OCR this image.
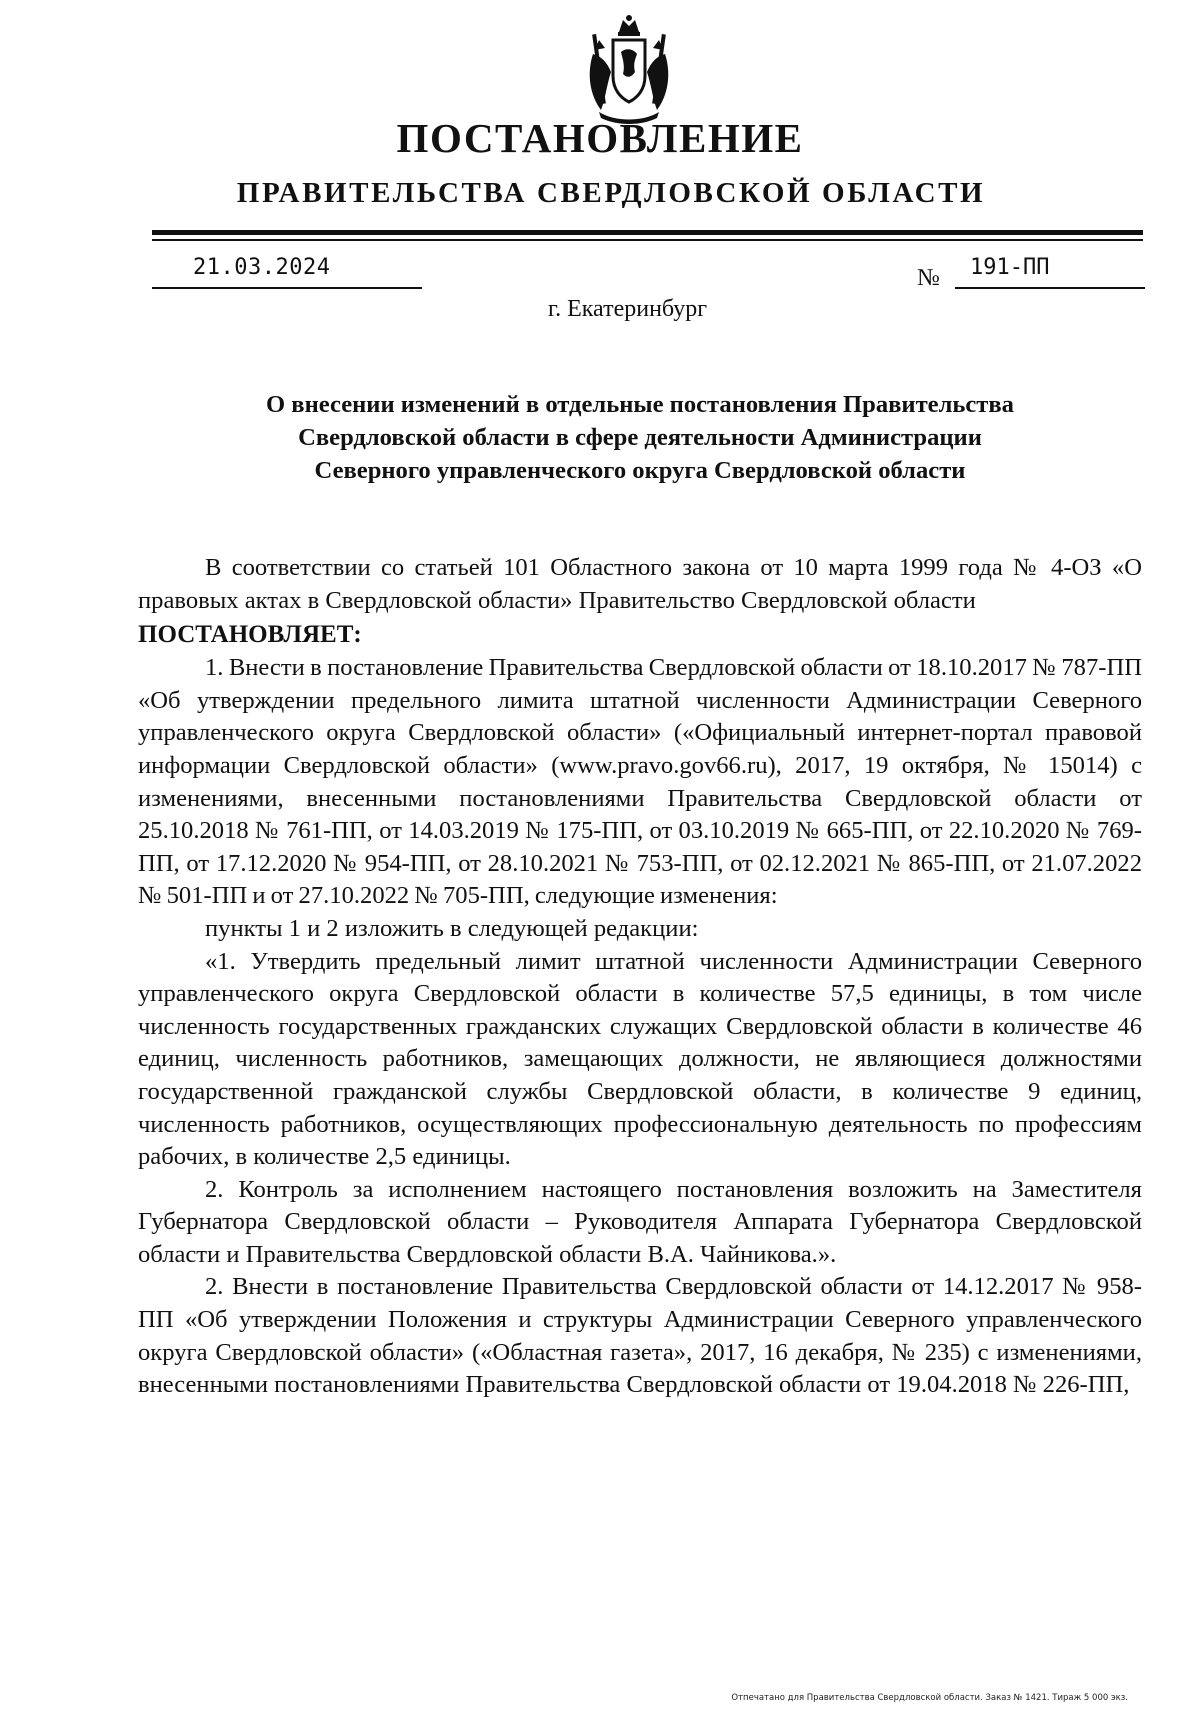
ПОСТАНОВЛЕНИЕ
ПРАВИТЕЛЬСТВА СВЕРДЛОВСКОЙ ОБЛАСТИ
21.03.2024	№ 191-ПП
г. Екатеринбург
О внесении изменений в отдельные постановления Правительства
Свердловской области в сфере деятельности Администрации
Северного управленческого округа Свердловской области

В соответствии со статьей 101 Областного закона от 10 марта 1999 года № 4-ОЗ «О правовых актах в Свердловской области» Правительство Свердловской области

ПОСТАНОВЛЯЕТ:

1. Внести в постановление Правительства Свердловской области от 18.10.2017 № 787-ПП «Об утверждении предельного лимита штатной численности Администрации Северного управленческого округа Свердловской области» («Официальный интернет-портал правовой информации Свердловской области» (www.pravo.gov66.ru), 2017, 19 октября, № 15014) с изменениями, внесенными постановлениями Правительства Свердловской области от 25.10.2018 № 761-ПП, от 14.03.2019 № 175-ПП, от 03.10.2019 № 665-ПП, от 22.10.2020 № 769-ПП, от 17.12.2020 № 954-ПП, от 28.10.2021 № 753-ПП, от 02.12.2021 № 865-ПП, от 21.07.2022 № 501-ПП и от 27.10.2022 № 705-ПП, следующие изменения:

пункты 1 и 2 изложить в следующей редакции:

«1. Утвердить предельный лимит штатной численности Администрации Северного управленческого округа Свердловской области в количестве 57,5 единицы, в том числе численность государственных гражданских служащих Свердловской области в количестве 46 единиц, численность работников, замещающих должности, не являющиеся должностями государственной гражданской службы Свердловской области, в количестве 9 единиц, численность работников, осуществляющих профессиональную деятельность по профессиям рабочих, в количестве 2,5 единицы.

2. Контроль за исполнением настоящего постановления возложить на Заместителя Губернатора Свердловской области – Руководителя Аппарата Губернатора Свердловской области и Правительства Свердловской области В.А. Чайникова.».

2. Внести в постановление Правительства Свердловской области от 14.12.2017 № 958-ПП «Об утверждении Положения и структуры Администрации Северного управленческого округа Свердловской области» («Областная газета», 2017, 16 декабря, № 235) с изменениями, внесенными постановлениями Правительства Свердловской области от 19.04.2018 № 226-ПП,

Отпечатано для Правительства Свердловской области. Заказ № 1421. Тираж 5 000 экз.
